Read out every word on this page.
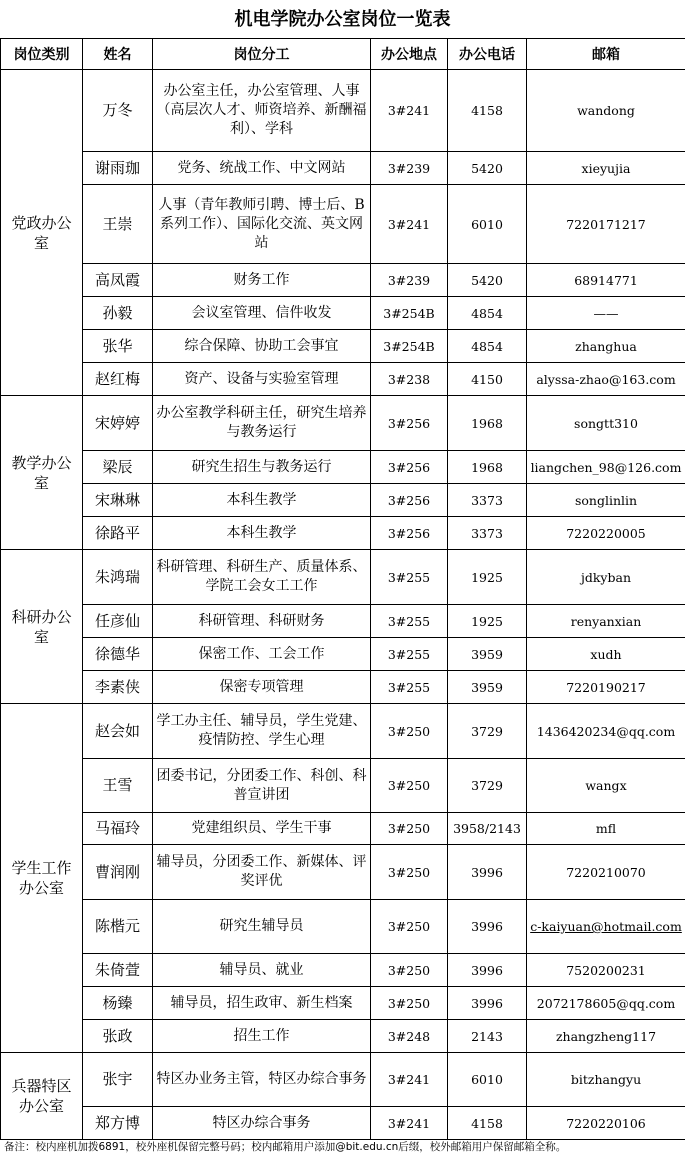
机电学院办公室岗位一览表
岗位类别	姓名	岗位分工	办公地点	办公电话	邮箱
党政办公室	万冬	办公室主任，办公室管理、人事（高层次人才、师资培养、新酬福利）、学科	3#241	4158	wandong
	谢雨珈	党务、统战工作、中文网站	3#239	5420	xieyujia
	王崇	人事（青年教师引聘、博士后、B系列工作）、国际化交流、英文网站	3#241	6010	7220171217
	高凤霞	财务工作	3#239	5420	68914771
	孙毅	会议室管理、信件收发	3#254B	4854	——
	张华	综合保障、协助工会事宜	3#254B	4854	zhanghua
	赵红梅	资产、设备与实验室管理	3#238	4150	alyssa-zhao@163.com
教学办公室	宋婷婷	办公室教学科研主任，研究生培养与教务运行	3#256	1968	songtt310
	梁辰	研究生招生与教务运行	3#256	1968	liangchen_98@126.com
	宋琳琳	本科生教学	3#256	3373	songlinlin
	徐路平	本科生教学	3#256	3373	7220220005
科研办公室	朱鸿瑞	科研管理、科研生产、质量体系、学院工会女工工作	3#255	1925	jdkyban
	任彦仙	科研管理、科研财务	3#255	1925	renyanxian
	徐德华	保密工作、工会工作	3#255	3959	xudh
	李素侠	保密专项管理	3#255	3959	7220190217
学生工作办公室	赵会如	学工办主任、辅导员，学生党建、疫情防控、学生心理	3#250	3729	1436420234@qq.com
	王雪	团委书记，分团委工作、科创、科普宣讲团	3#250	3729	wangx
	马福玲	党建组织员、学生干事	3#250	3958/2143	mfl
	曹润刚	辅导员，分团委工作、新媒体、评奖评优	3#250	3996	7220210070
	陈楷元	研究生辅导员	3#250	3996	c-kaiyuan@hotmail.com
	朱倚萱	辅导员、就业	3#250	3996	7520200231
	杨臻	辅导员，招生政审、新生档案	3#250	3996	2072178605@qq.com
	张政	招生工作	3#248	2143	zhangzheng117
兵器特区办公室	张宇	特区办业务主管，特区办综合事务	3#241	6010	bitzhangyu
	郑方博	特区办综合事务	3#241	4158	7220220106
备注：校内座机加拨6891，校外座机保留完整号码；校内邮箱用户添加@bit.edu.cn后缀，校外邮箱用户保留邮箱全称。
